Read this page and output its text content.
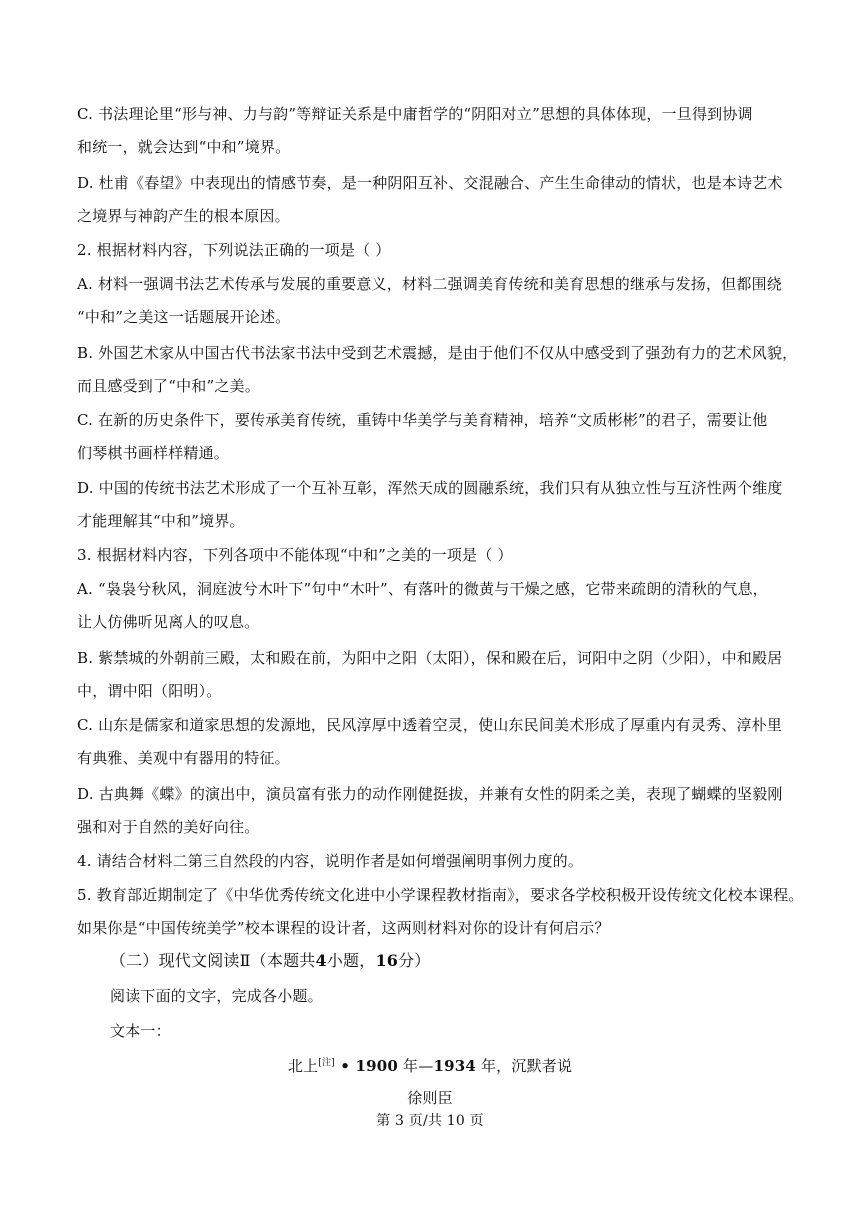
C. 书法理论里“形与神、力与韵”等辩证关系是中庸哲学的“阴阳对立”思想的具体体现，一旦得到协调
和统一，就会达到“中和”境界。
D. 杜甫《春望》中表现出的情感节奏，是一种阴阳互补、交混融合、产生生命律动的情状，也是本诗艺术
之境界与神韵产生的根本原因。
2. 根据材料内容，下列说法正确的一项是（ ）
A. 材料一强调书法艺术传承与发展的重要意义，材料二强调美育传统和美育思想的继承与发扬，但都围绕
“中和”之美这一话题展开论述。
B. 外国艺术家从中国古代书法家书法中受到艺术震撼，是由于他们不仅从中感受到了强劲有力的艺术风貌，
而且感受到了“中和”之美。
C. 在新的历史条件下，要传承美育传统，重铸中华美学与美育精神，培养“文质彬彬”的君子，需要让他
们琴棋书画样样精通。
D. 中国的传统书法艺术形成了一个互补互彰，浑然天成的圆融系统，我们只有从独立性与互济性两个维度
才能理解其“中和”境界。
3. 根据材料内容，下列各项中不能体现“中和”之美的一项是（ ）
A. “袅袅兮秋风，洞庭波兮木叶下”句中“木叶”、有落叶的微黄与干燥之感，它带来疏朗的清秋的气息，
让人仿佛听见离人的叹息。
B. 紫禁城的外朝前三殿，太和殿在前，为阳中之阳（太阳），保和殿在后，诃阳中之阴（少阳），中和殿居
中，谓中阳（阳明）。
C. 山东是儒家和道家思想的发源地，民风淳厚中透着空灵，使山东民间美术形成了厚重内有灵秀、淳朴里
有典雅、美观中有器用的特征。
D. 古典舞《蝶》的演出中，演员富有张力的动作刚健挺拔，并兼有女性的阴柔之美，表现了蝴蝶的坚毅刚
强和对于自然的美好向往。
4. 请结合材料二第三自然段的内容，说明作者是如何增强阐明事例力度的。
5. 教育部近期制定了《中华优秀传统文化进中小学课程教材指南》，要求各学校积极开设传统文化校本课程。
如果你是“中国传统美学”校本课程的设计者，这两则材料对你的设计有何启示？
（二）现代文阅读Ⅱ（本题共4小题，16分）
阅读下面的文字，完成各小题。
文本一：
北上[注] • 1900 年—1934 年，沉默者说
徐则臣
第 3 页/共 10 页
